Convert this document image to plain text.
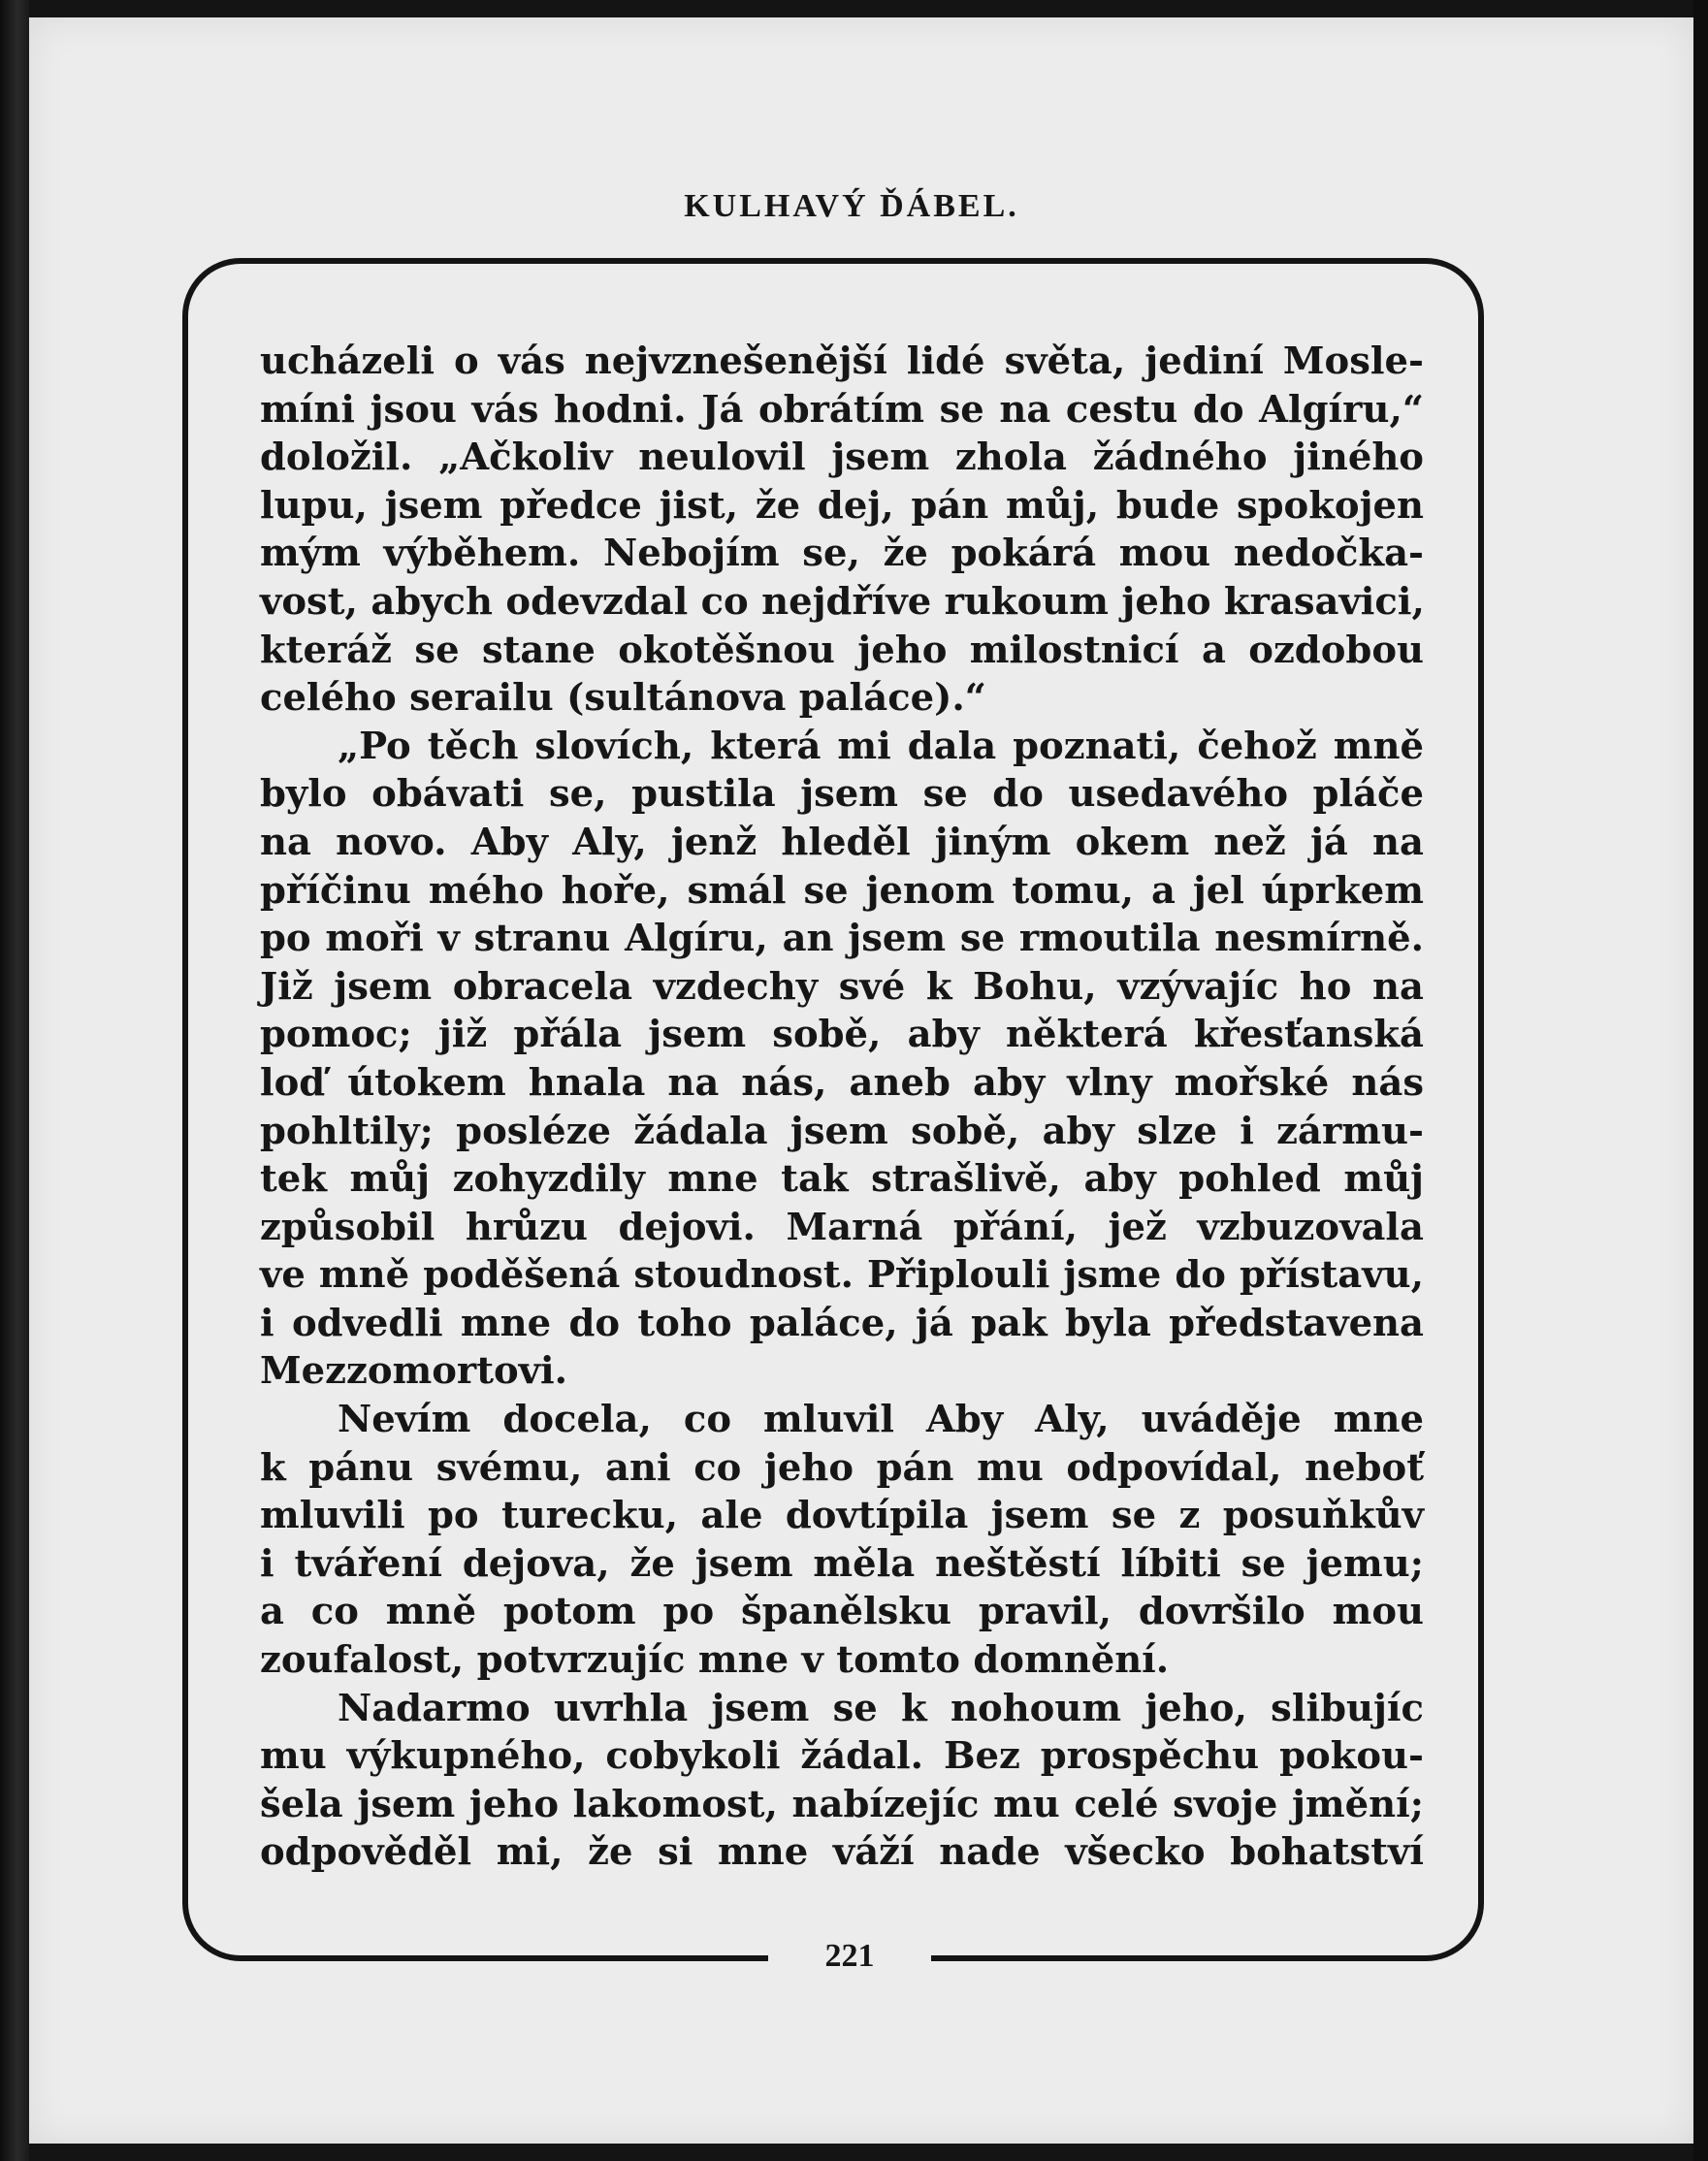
KULHAVÝ ĎÁBEL.
ucházeli o vás nejvznešenější lidé světa, jediní Mosle-
míni jsou vás hodni. Já obrátím se na cestu do Algíru,“
doložil. „Ačkoliv neulovil jsem zhola žádného jiného
lupu, jsem předce jist, že dej, pán můj, bude spokojen
mým výběhem. Nebojím se, že pokárá mou nedočka-
vost, abych odevzdal co nejdříve rukoum jeho krasavici,
kteráž se stane okotěšnou jeho milostnicí a ozdobou
celého serailu (sultánova paláce).“
„Po těch slovích, která mi dala poznati, čehož mně
bylo obávati se, pustila jsem se do usedavého pláče
na novo. Aby Aly, jenž hleděl jiným okem než já na
příčinu mého hoře, smál se jenom tomu, a jel úprkem
po moři v stranu Algíru, an jsem se rmoutila nesmírně.
Již jsem obracela vzdechy své k Bohu, vzývajíc ho na
pomoc; již přála jsem sobě, aby některá křesťanská
loď útokem hnala na nás, aneb aby vlny mořské nás
pohltily; posléze žádala jsem sobě, aby slze i zármu-
tek můj zohyzdily mne tak strašlivě, aby pohled můj
způsobil hrůzu dejovi. Marná přání, jež vzbuzovala
ve mně poděšená stoudnost. Připlouli jsme do přístavu,
i odvedli mne do toho paláce, já pak byla představena
Mezzomortovi.
Nevím docela, co mluvil Aby Aly, uváděje mne
k pánu svému, ani co jeho pán mu odpovídal, neboť
mluvili po turecku, ale dovtípila jsem se z posuňkův
i tváření dejova, že jsem měla neštěstí líbiti se jemu;
a co mně potom po španělsku pravil, dovršilo mou
zoufalost, potvrzujíc mne v tomto domnění.
Nadarmo uvrhla jsem se k nohoum jeho, slibujíc
mu výkupného, cobykoli žádal. Bez prospěchu pokou-
šela jsem jeho lakomost, nabízejíc mu celé svoje jmění;
odpověděl mi, že si mne váží nade všecko bohatství
221
